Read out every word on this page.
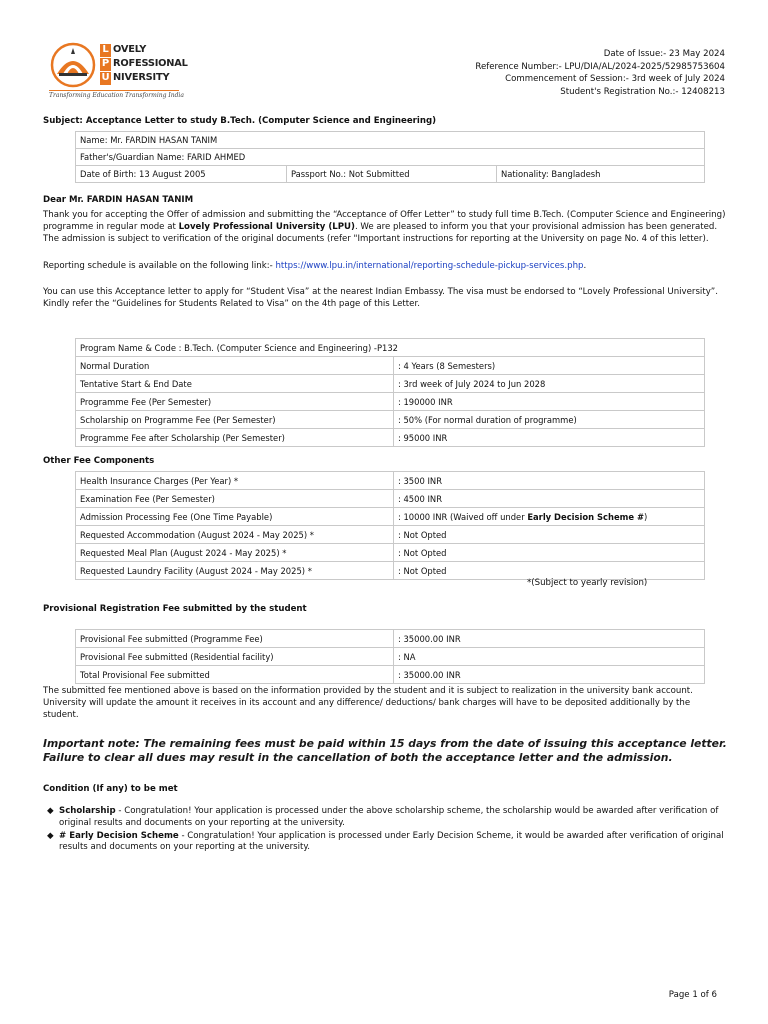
L OVELY
P ROFESSIONAL
U NIVERSITY
Transforming Education Transforming India
Date of Issue:- 23 May 2024
Reference Number:- LPU/DIA/AL/2024-2025/52985753604
Commencement of Session:- 3rd week of July 2024
Student's Registration No.:- 12408213
Subject: Acceptance Letter to study B.Tech. (Computer Science and Engineering)
Name: Mr. FARDIN HASAN TANIM
Father's/Guardian Name: FARID AHMED
Date of Birth: 13 August 2005	Passport No.: Not Submitted	Nationality: Bangladesh
Dear Mr. FARDIN HASAN TANIM

Thank you for accepting the Offer of admission and submitting the “Acceptance of Offer Letter” to study full time B.Tech. (Computer Science and Engineering) programme in regular mode at Lovely Professional University (LPU). We are pleased to inform you that your provisional admission has been generated. The admission is subject to verification of the original documents (refer "Important instructions for reporting at the University on page No. 4 of this letter).

Reporting schedule is available on the following link:- https://www.lpu.in/international/reporting-schedule-pickup-services.php.

You can use this Acceptance letter to apply for “Student Visa” at the nearest Indian Embassy. The visa must be endorsed to “Lovely Professional University”. Kindly refer the “Guidelines for Students Related to Visa” on the 4th page of this Letter.

Program Name & Code : B.Tech. (Computer Science and Engineering) -P132	
Normal Duration	: 4 Years (8 Semesters)
Tentative Start & End Date	: 3rd week of July 2024 to Jun 2028
Programme Fee (Per Semester)	: 190000 INR
Scholarship on Programme Fee (Per Semester)	: 50% (For normal duration of programme)
Programme Fee after Scholarship (Per Semester)	: 95000 INR
Other Fee Components
Health Insurance Charges (Per Year) *	: 3500 INR
Examination Fee (Per Semester)	: 4500 INR
Admission Processing Fee (One Time Payable)	: 10000 INR (Waived off under Early Decision Scheme #)
Requested Accommodation (August 2024 - May 2025) *	: Not Opted
Requested Meal Plan (August 2024 - May 2025) *	: Not Opted
Requested Laundry Facility (August 2024 - May 2025) *	: Not Opted
*(Subject to yearly revision)
Provisional Registration Fee submitted by the student
Provisional Fee submitted (Programme Fee)	: 35000.00 INR
Provisional Fee submitted (Residential facility)	: NA
Total Provisional Fee submitted	: 35000.00 INR

The submitted fee mentioned above is based on the information provided by the student and it is subject to realization in the university bank account. University will update the amount it receives in its account and any difference/ deductions/ bank charges will have to be deposited additionally by the student.

Important note: The remaining fees must be paid within 15 days from the date of issuing this acceptance letter. Failure to clear all dues may result in the cancellation of both the acceptance letter and the admission.
Condition (If any) to be met
◆ Scholarship - Congratulation! Your application is processed under the above scholarship scheme, the scholarship would be awarded after verification of original results and documents on your reporting at the university.
◆ # Early Decision Scheme - Congratulation! Your application is processed under Early Decision Scheme, it would be awarded after verification of original results and documents on your reporting at the university.
Page 1 of 6
